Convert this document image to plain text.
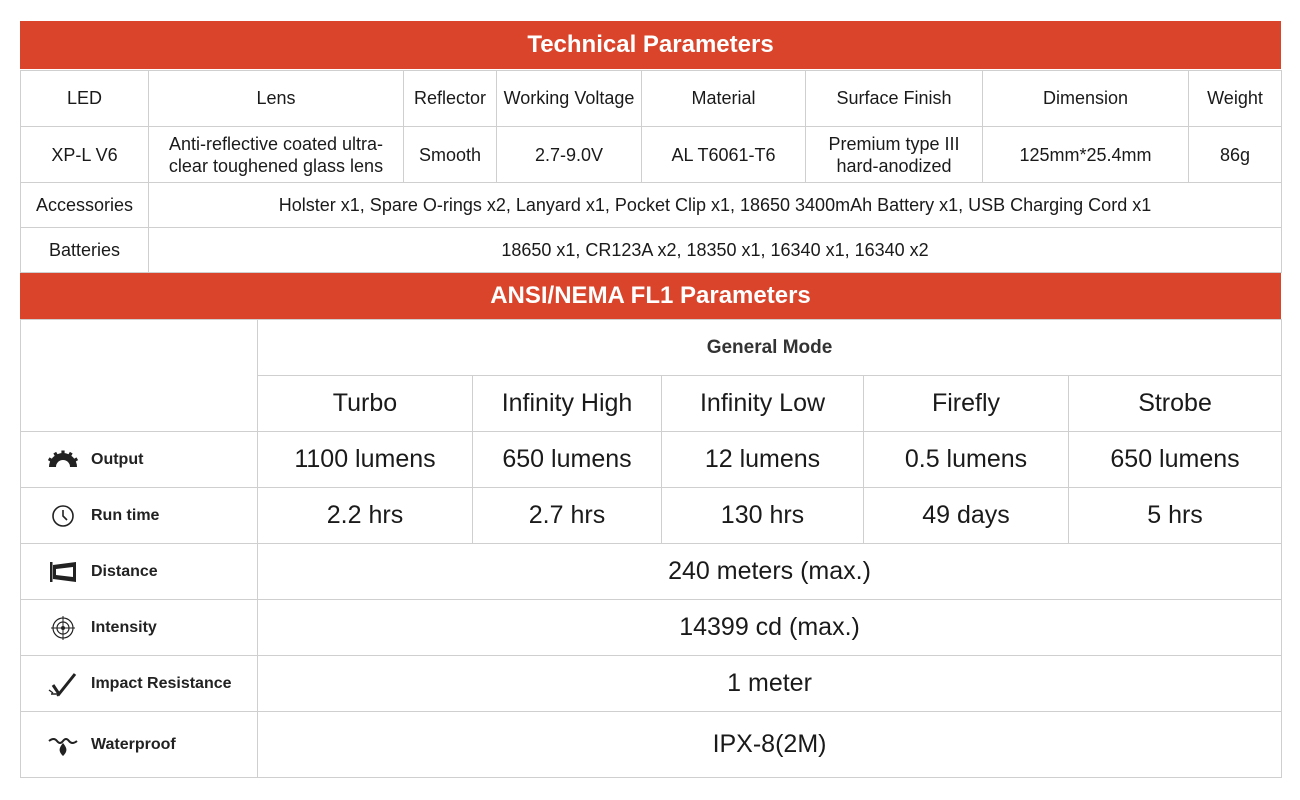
Technical Parameters
LED	Lens	Reflector	Working Voltage	Material	Surface Finish	Dimension	Weight
XP-L V6	Anti-reflective coated ultra-clear toughened glass lens	Smooth	2.7-9.0V	AL T6061-T6	Premium type III hard-anodized	125mm*25.4mm	86g
Accessories	Holster x1, Spare O-rings x2, Lanyard x1, Pocket Clip x1, 18650 3400mAh Battery x1, USB Charging Cord x1						
Batteries	18650 x1, CR123A x2, 18350 x1, 16340 x1, 16340 x2						
ANSI/NEMA FL1 Parameters
	General Mode				
	Turbo	Infinity High	Infinity Low	Firefly	Strobe

Output	1100 lumens	650 lumens	12 lumens	0.5 lumens	650 lumens

Run time	2.2 hrs	2.7 hrs	130 hrs	49 days	5 hrs

Distance	240 meters (max.)				

Intensity	14399 cd (max.)				

Impact Resistance	1 meter				

Waterproof	IPX-8(2M)				
